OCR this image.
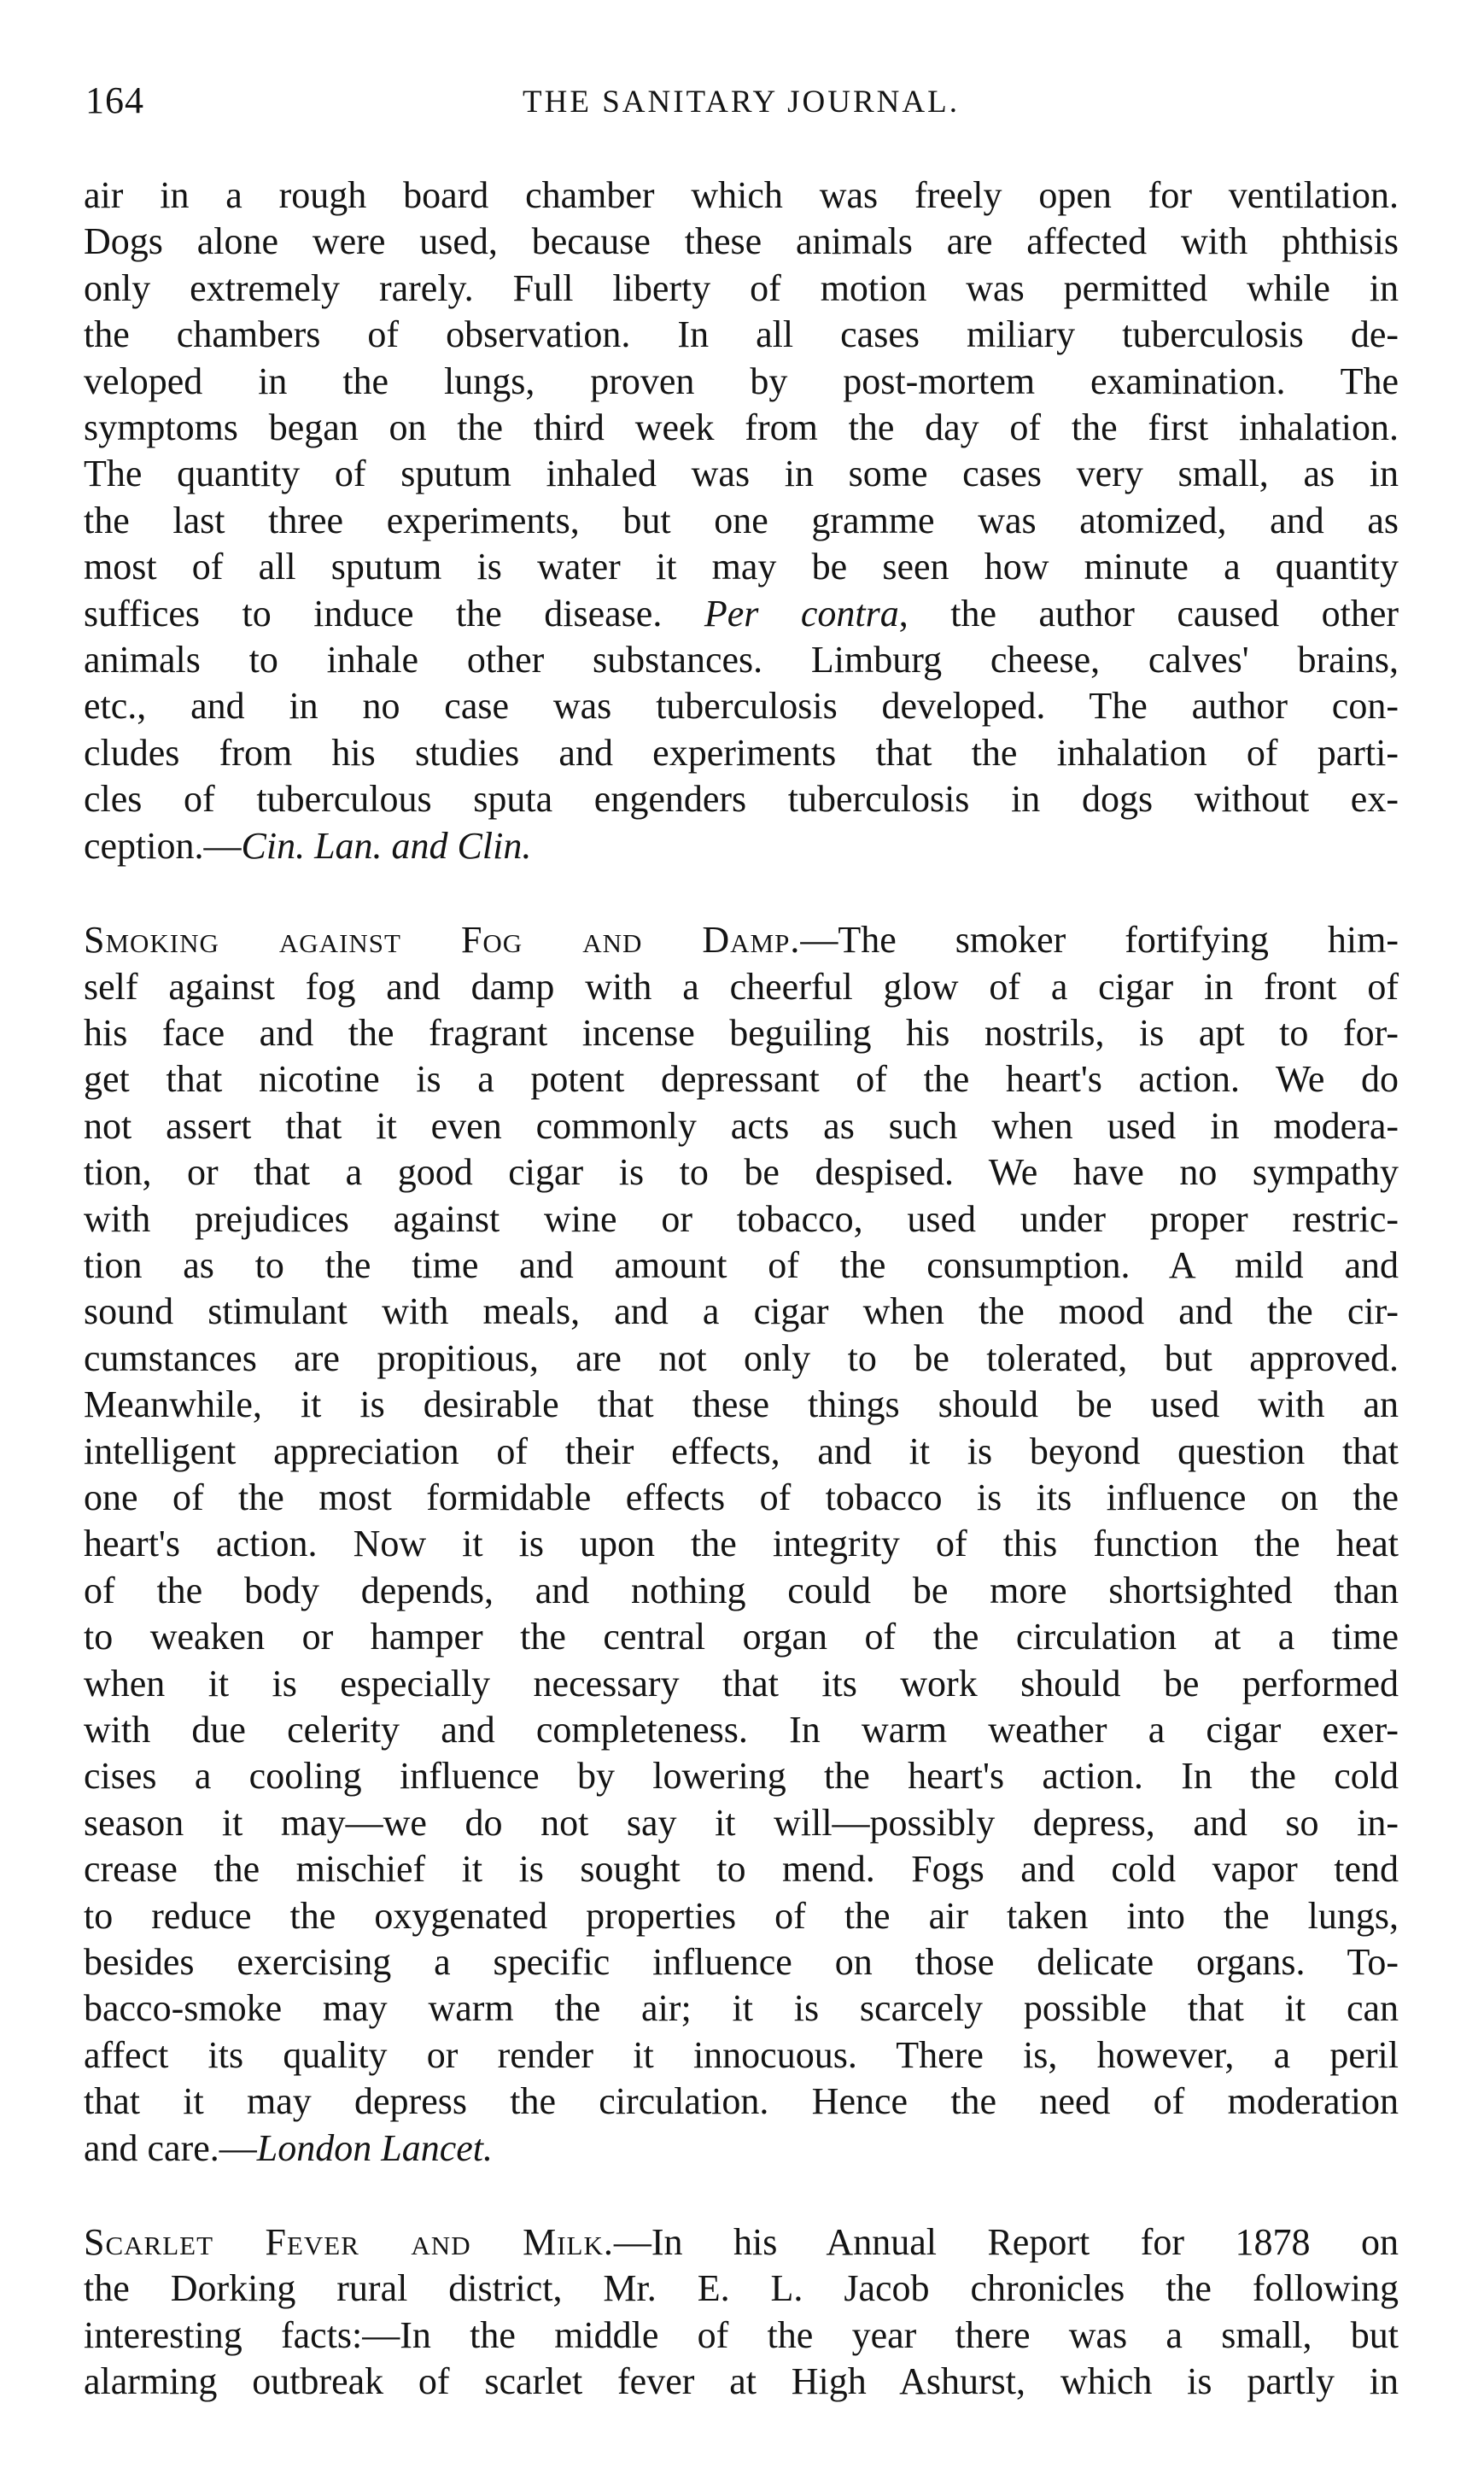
164	THE SANITARY JOURNAL.
air in a rough board chamber which was freely open for ventilation.
Dogs alone were used, because these animals are affected with phthisis
only extremely rarely. Full liberty of motion was permitted while in
the chambers of observation. In all cases miliary tuberculosis de-
veloped in the lungs, proven by post-mortem examination. The
symptoms began on the third week from the day of the first inhalation.
The quantity of sputum inhaled was in some cases very small, as in
the last three experiments, but one gramme was atomized, and as
most of all sputum is water it may be seen how minute a quantity
suffices to induce the disease. Per contra, the author caused other
animals to inhale other substances. Limburg cheese, calves' brains,
etc., and in no case was tuberculosis developed. The author con-
cludes from his studies and experiments that the inhalation of parti-
cles of tuberculous sputa engenders tuberculosis in dogs without ex-
ception.—Cin. Lan. and Clin.
Smoking against Fog and Damp.—The smoker fortifying him-
self against fog and damp with a cheerful glow of a cigar in front of
his face and the fragrant incense beguiling his nostrils, is apt to for-
get that nicotine is a potent depressant of the heart's action. We do
not assert that it even commonly acts as such when used in modera-
tion, or that a good cigar is to be despised. We have no sympathy
with prejudices against wine or tobacco, used under proper restric-
tion as to the time and amount of the consumption. A mild and
sound stimulant with meals, and a cigar when the mood and the cir-
cumstances are propitious, are not only to be tolerated, but approved.
Meanwhile, it is desirable that these things should be used with an
intelligent appreciation of their effects, and it is beyond question that
one of the most formidable effects of tobacco is its influence on the
heart's action. Now it is upon the integrity of this function the heat
of the body depends, and nothing could be more shortsighted than
to weaken or hamper the central organ of the circulation at a time
when it is especially necessary that its work should be performed
with due celerity and completeness. In warm weather a cigar exer-
cises a cooling influence by lowering the heart's action. In the cold
season it may—we do not say it will—possibly depress, and so in-
crease the mischief it is sought to mend. Fogs and cold vapor tend
to reduce the oxygenated properties of the air taken into the lungs,
besides exercising a specific influence on those delicate organs. To-
bacco-smoke may warm the air; it is scarcely possible that it can
affect its quality or render it innocuous. There is, however, a peril
that it may depress the circulation. Hence the need of moderation
and care.—London Lancet.
Scarlet Fever and Milk.—In his Annual Report for 1878 on
the Dorking rural district, Mr. E. L. Jacob chronicles the following
interesting facts:—In the middle of the year there was a small, but
alarming outbreak of scarlet fever at High Ashurst, which is partly in
